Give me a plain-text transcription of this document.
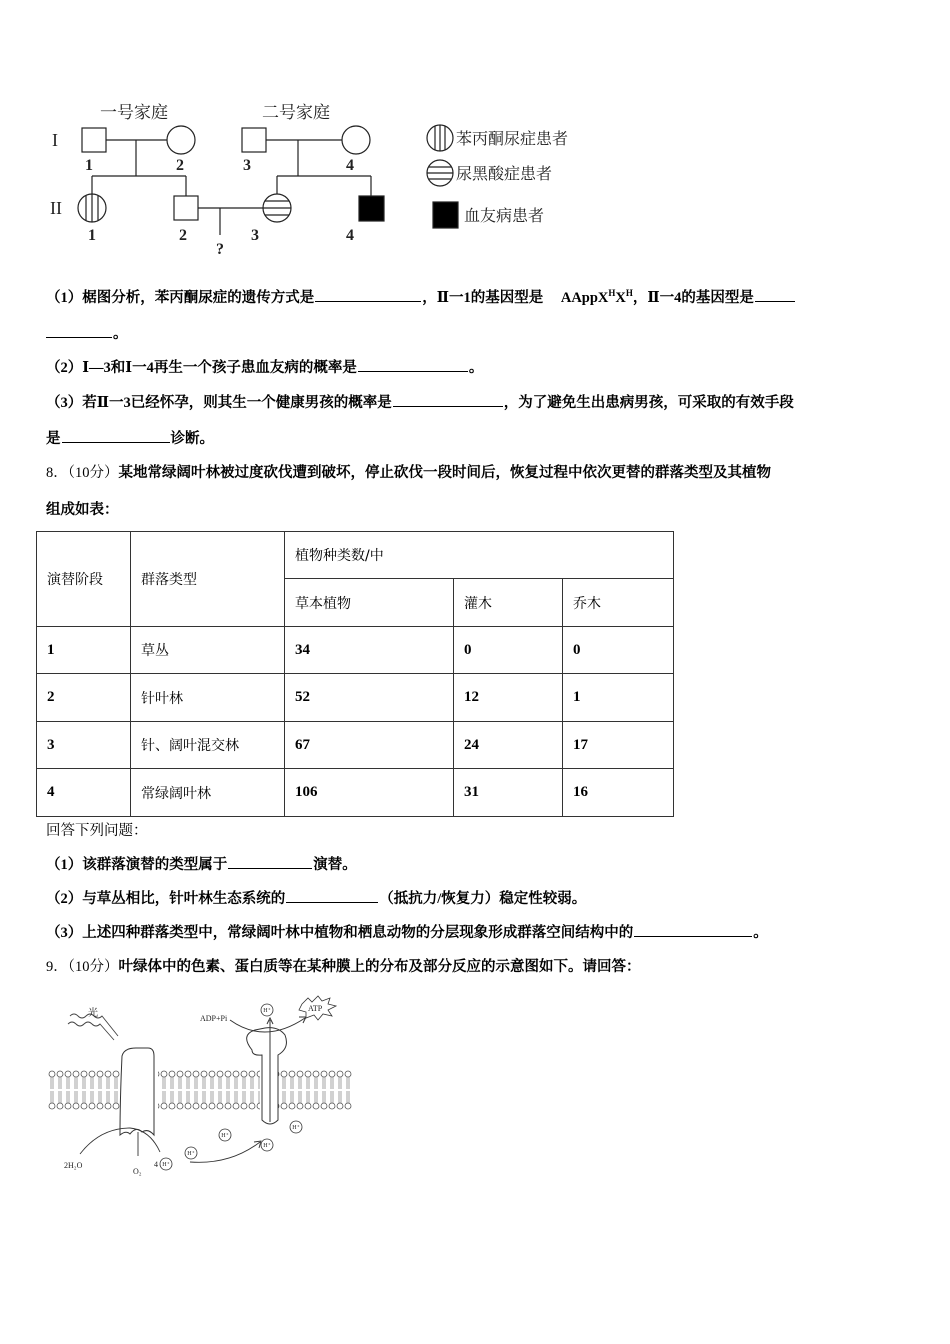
一号家庭	二号家庭
I
II
1	2	3	4
1	2
?
3	4
苯丙酮尿症患者
尿黑酸症患者
血友病患者
（1）椐图分析，苯丙酮尿症的遗传方式是	，Ⅱ一1的基因型是 $AAppX^HX^H$，Ⅱ一4的基因型是
。
（2）Ⅰ—3和Ⅰ一4再生一个孩子患血友病的概率是	。
（3）若Ⅱ一3已经怀孕，则其生一个健康男孩的概率是	，为了避免生出患病男孩，可采取的有效手段
是	诊断。
8．（10分）某地常绿阔叶林被过度砍伐遭到破坏，停止砍伐一段时间后，恢复过程中依次更替的群落类型及其植物
组成如表：
演替阶段	群落类型	植物种类数/中		
		草本植物	灌木	乔木
1	草丛	34	0	0
2	针叶林	52	12	1
3	针、阔叶混交林	67	24	17
4	常绿阔叶林	106	31	16
回答下列问题：
（1）该群落演替的类型属于	演替。
（2）与草丛相比，针叶林生态系统的	（抵抗力/恢复力）稳定性较弱。
（3）上述四种群落类型中，常绿阔叶林中植物和栖息动物的分层现象形成群落空间结构中的	。
9．（10分）叶绿体中的色素、蛋白质等在某种膜上的分布及部分反应的示意图如下。请回答：
H⁺
H⁺
H⁺
H⁺
H⁺
H⁺
ATP
ADP+Pi
光
2H₂O
O₂
4
